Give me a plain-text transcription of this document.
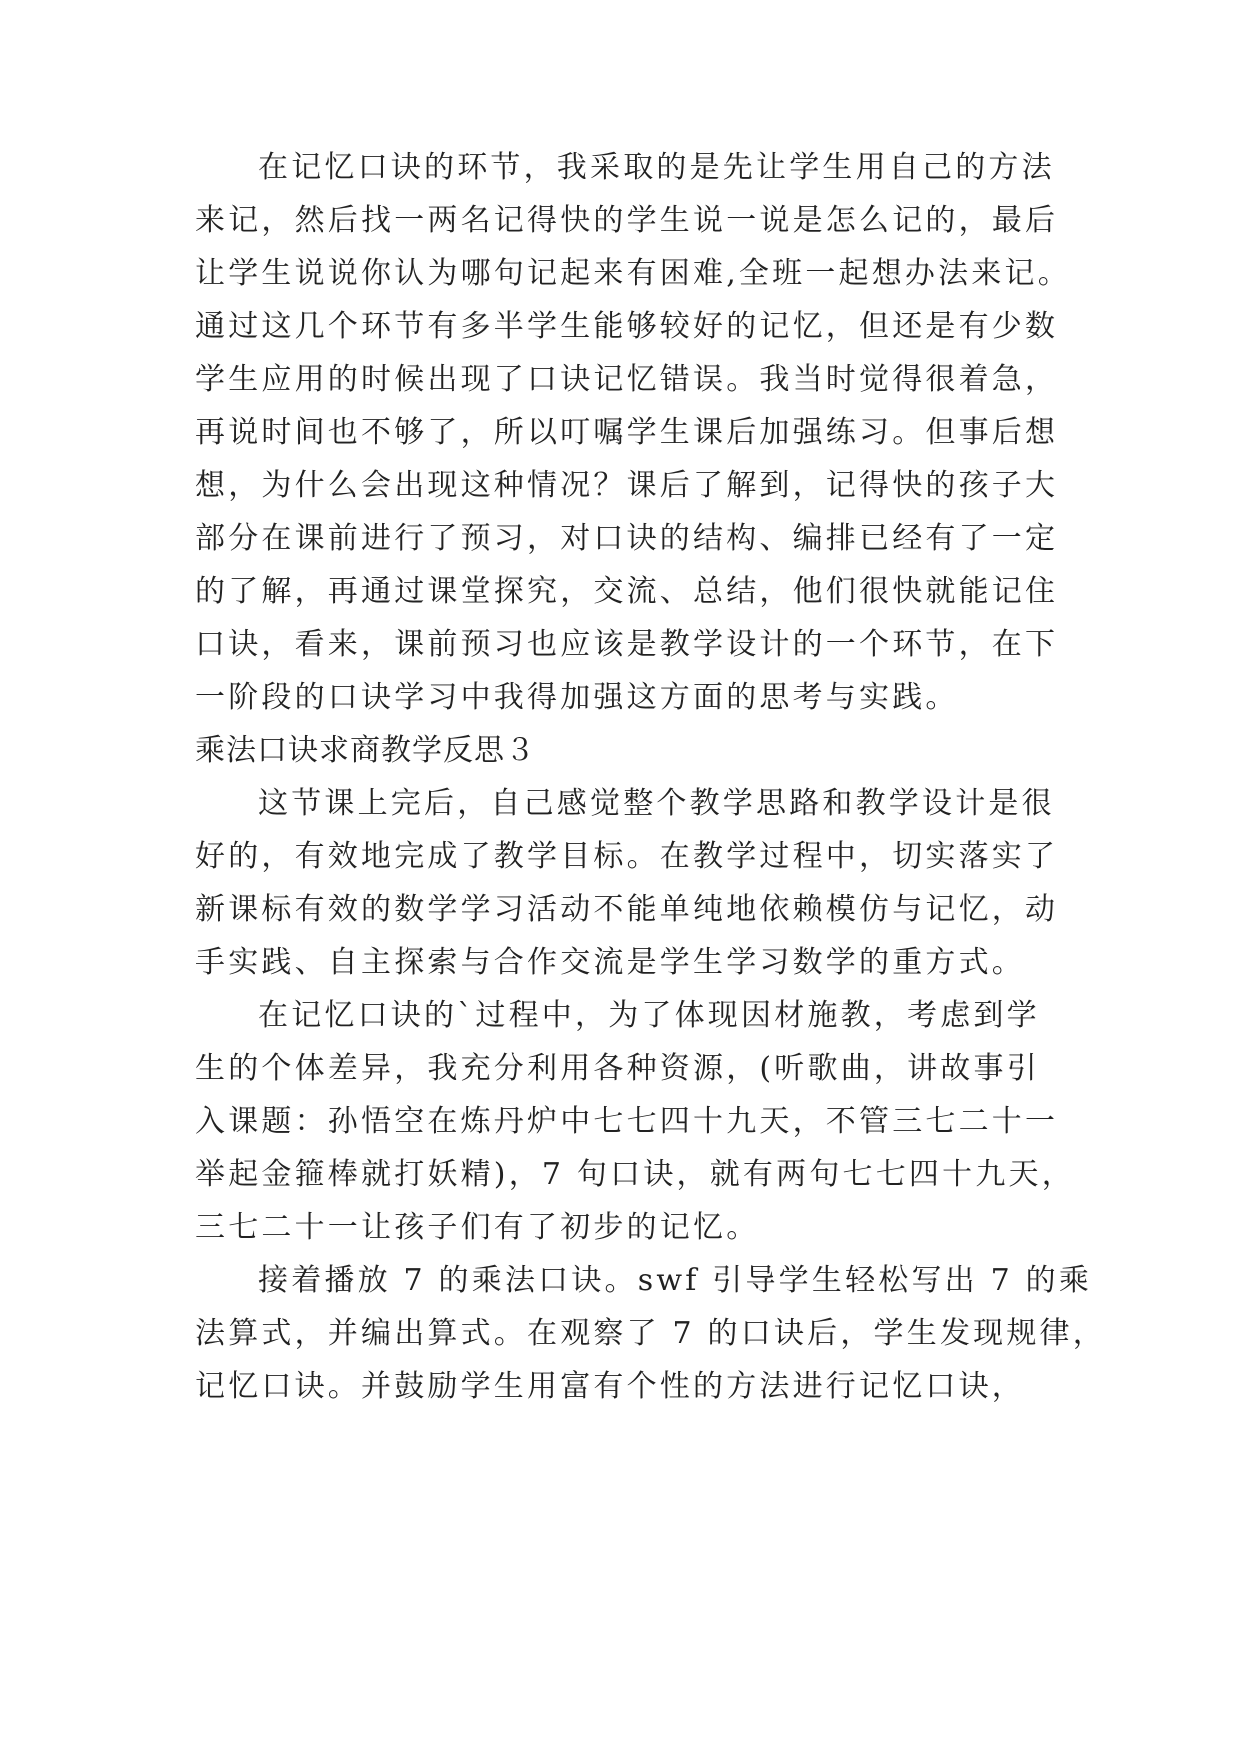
在记忆口诀的环节，我采取的是先让学生用自己的方法
来记，然后找一两名记得快的学生说一说是怎么记的，最后
让学生说说你认为哪句记起来有困难,全班一起想办法来记。
通过这几个环节有多半学生能够较好的记忆，但还是有少数
学生应用的时候出现了口诀记忆错误。我当时觉得很着急，
再说时间也不够了，所以叮嘱学生课后加强练习。但事后想
想，为什么会出现这种情况？课后了解到，记得快的孩子大
部分在课前进行了预习，对口诀的结构、编排已经有了一定
的了解，再通过课堂探究，交流、总结，他们很快就能记住
口诀，看来，课前预习也应该是教学设计的一个环节，在下
一阶段的口诀学习中我得加强这方面的思考与实践。
乘法口诀求商教学反思３
这节课上完后，自己感觉整个教学思路和教学设计是很
好的，有效地完成了教学目标。在教学过程中，切实落实了
新课标有效的数学学习活动不能单纯地依赖模仿与记忆，动
手实践、自主探索与合作交流是学生学习数学的重方式。
在记忆口诀的`过程中，为了体现因材施教，考虑到学
生的个体差异，我充分利用各种资源，(听歌曲，讲故事引
入课题：孙悟空在炼丹炉中七七四十九天，不管三七二十一
举起金箍棒就打妖精)，7 句口诀，就有两句七七四十九天，
三七二十一让孩子们有了初步的记忆。
接着播放 7 的乘法口诀。swf 引导学生轻松写出 7 的乘
法算式，并编出算式。在观察了 7 的口诀后，学生发现规律，
记忆口诀。并鼓励学生用富有个性的方法进行记忆口诀，
